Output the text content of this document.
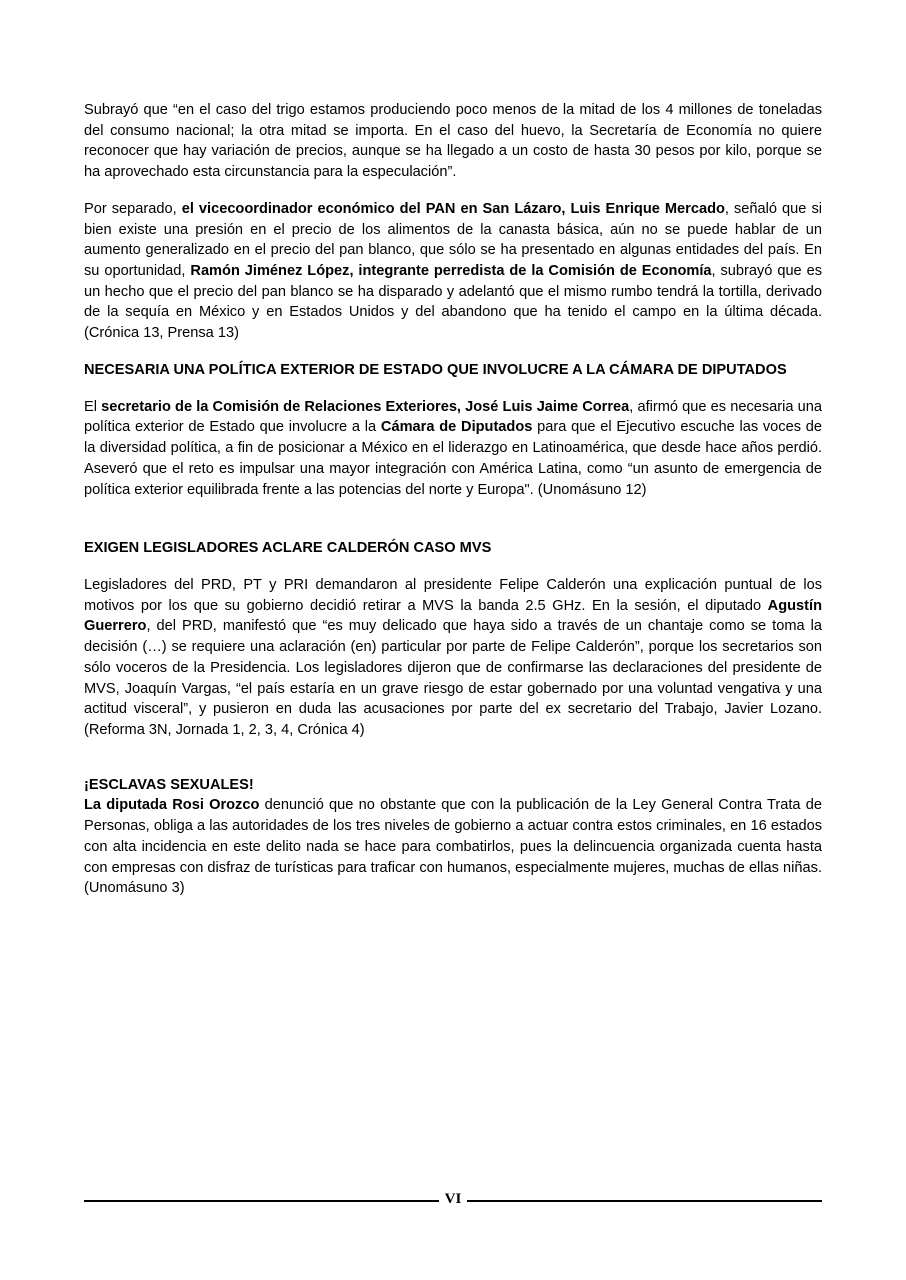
Subrayó que “en el caso del trigo estamos produciendo poco menos de la mitad de los 4 millones de toneladas del consumo nacional; la otra mitad se importa. En el caso del huevo, la Secretaría de Economía no quiere reconocer que hay variación de precios, aunque se ha llegado a un costo de hasta 30 pesos por kilo, porque se ha aprovechado esta circunstancia para la especulación”.

Por separado, el vicecoordinador económico del PAN en San Lázaro, Luis Enrique Mercado, señaló que si bien existe una presión en el precio de los alimentos de la canasta básica, aún no se puede hablar de un aumento generalizado en el precio del pan blanco, que sólo se ha presentado en algunas entidades del país. En su oportunidad, Ramón Jiménez López, integrante perredista de la Comisión de Economía, subrayó que es un hecho que el precio del pan blanco se ha disparado y adelantó que el mismo rumbo tendrá la tortilla, derivado de la sequía en México y en Estados Unidos y del abandono que ha tenido el campo en la última década. (Crónica 13, Prensa 13)

NECESARIA UNA POLÍTICA EXTERIOR DE ESTADO QUE INVOLUCRE A LA CÁMARA DE DIPUTADOS

El secretario de la Comisión de Relaciones Exteriores, José Luis Jaime Correa, afirmó que es necesaria una política exterior de Estado que involucre a la Cámara de Diputados para que el Ejecutivo escuche las voces de la diversidad política, a fin de posicionar a México en el liderazgo en Latinoamérica, que desde hace años perdió. Aseveró que el reto es impulsar una mayor integración con América Latina, como “un asunto de emergencia de política exterior equilibrada frente a las potencias del norte y Europa". (Unomásuno 12)

EXIGEN LEGISLADORES ACLARE CALDERÓN CASO MVS

Legisladores del PRD, PT y PRI demandaron al presidente Felipe Calderón una explicación puntual de los motivos por los que su gobierno decidió retirar a MVS la banda 2.5 GHz. En la sesión, el diputado Agustín Guerrero, del PRD, manifestó que “es muy delicado que haya sido a través de un chantaje como se toma la decisión (…) se requiere una aclaración (en) particular por parte de Felipe Calderón”, porque los secretarios son sólo voceros de la Presidencia. Los legisladores dijeron que de confirmarse las declaraciones del presidente de MVS, Joaquín Vargas, “el país estaría en un grave riesgo de estar gobernado por una voluntad vengativa y una actitud visceral”, y pusieron en duda las acusaciones por parte del ex secretario del Trabajo, Javier Lozano. (Reforma 3N, Jornada 1, 2, 3, 4, Crónica 4)

¡ESCLAVAS SEXUALES!

La diputada Rosi Orozco denunció que no obstante que con la publicación de la Ley General Contra Trata de Personas, obliga a las autoridades de los tres niveles de gobierno a actuar contra estos criminales, en 16 estados con alta incidencia en este delito nada se hace para combatirlos, pues la delincuencia organizada cuenta hasta con empresas con disfraz de turísticas para traficar con humanos, especialmente mujeres, muchas de ellas niñas. (Unomásuno 3)

VI
